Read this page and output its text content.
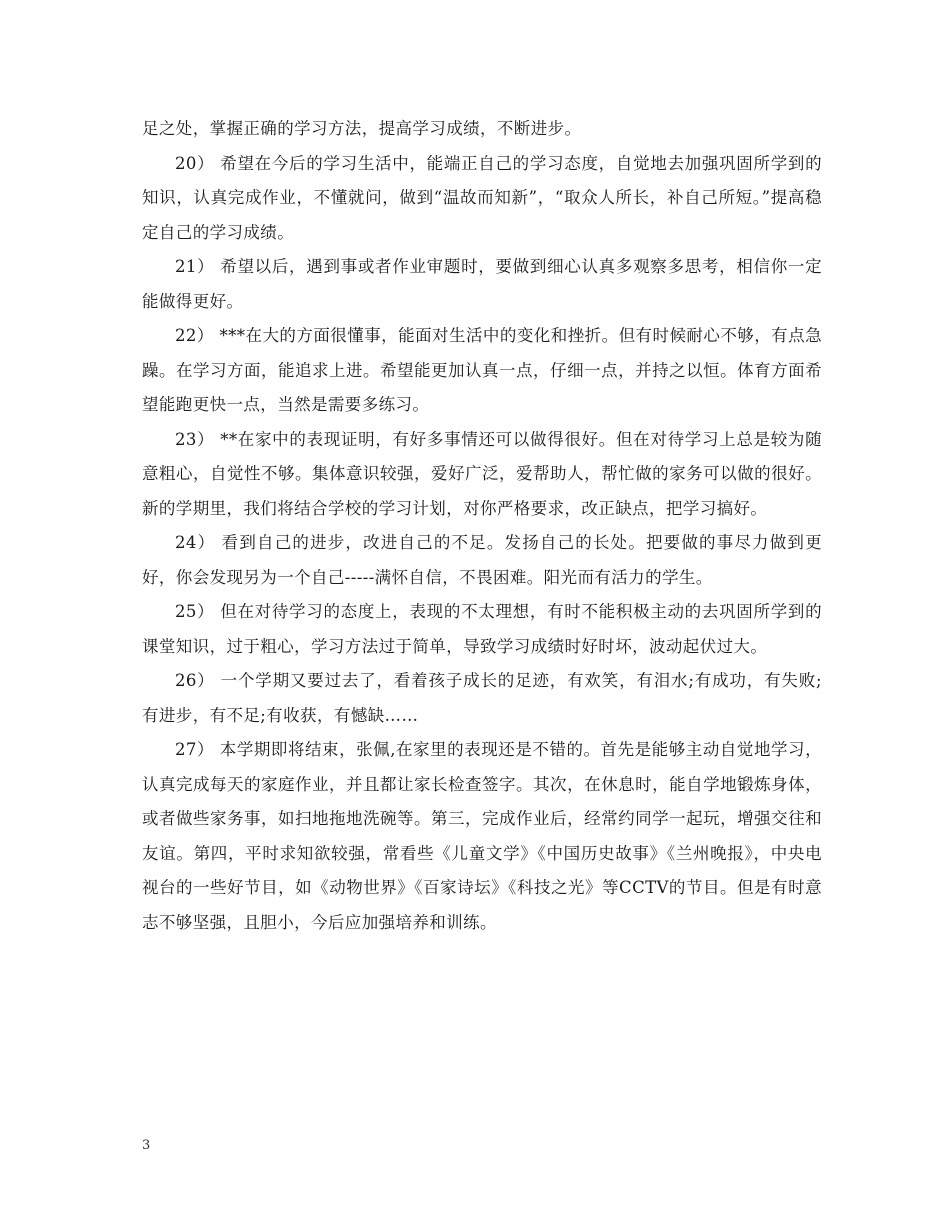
足之处，掌握正确的学习方法，提高学习成绩，不断进步。

20） 希望在今后的学习生活中，能端正自己的学习态度，自觉地去加强巩固所学到的知识，认真完成作业，不懂就问，做到“温故而知新”，“取众人所长，补自己所短。”提高稳定自己的学习成绩。

21） 希望以后，遇到事或者作业审题时，要做到细心认真多观察多思考，相信你一定能做得更好。

22） ***在大的方面很懂事，能面对生活中的变化和挫折。但有时候耐心不够，有点急躁。在学习方面，能追求上进。希望能更加认真一点，仔细一点，并持之以恒。体育方面希望能跑更快一点，当然是需要多练习。

23） **在家中的表现证明，有好多事情还可以做得很好。但在对待学习上总是较为随意粗心，自觉性不够。集体意识较强，爱好广泛，爱帮助人，帮忙做的家务可以做的很好。新的学期里，我们将结合学校的学习计划，对你严格要求，改正缺点，把学习搞好。

24） 看到自己的进步，改进自己的不足。发扬自己的长处。把要做的事尽力做到更好，你会发现另为一个自己-----满怀自信，不畏困难。阳光而有活力的学生。

25） 但在对待学习的态度上，表现的不太理想，有时不能积极主动的去巩固所学到的课堂知识，过于粗心，学习方法过于简单，导致学习成绩时好时坏，波动起伏过大。

26） 一个学期又要过去了，看着孩子成长的足迹，有欢笑，有泪水;有成功，有失败;有进步，有不足;有收获，有憾缺……

27） 本学期即将结束，张佩,在家里的表现还是不错的。首先是能够主动自觉地学习，认真完成每天的家庭作业，并且都让家长检查签字。其次，在休息时，能自学地锻炼身体，或者做些家务事，如扫地拖地洗碗等。第三，完成作业后，经常约同学一起玩，增强交往和友谊。第四，平时求知欲较强，常看些《儿童文学》《中国历史故事》《兰州晚报》，中央电视台的一些好节目，如《动物世界》《百家诗坛》《科技之光》等CCTV的节目。但是有时意志不够坚强，且胆小，今后应加强培养和训练。

3
